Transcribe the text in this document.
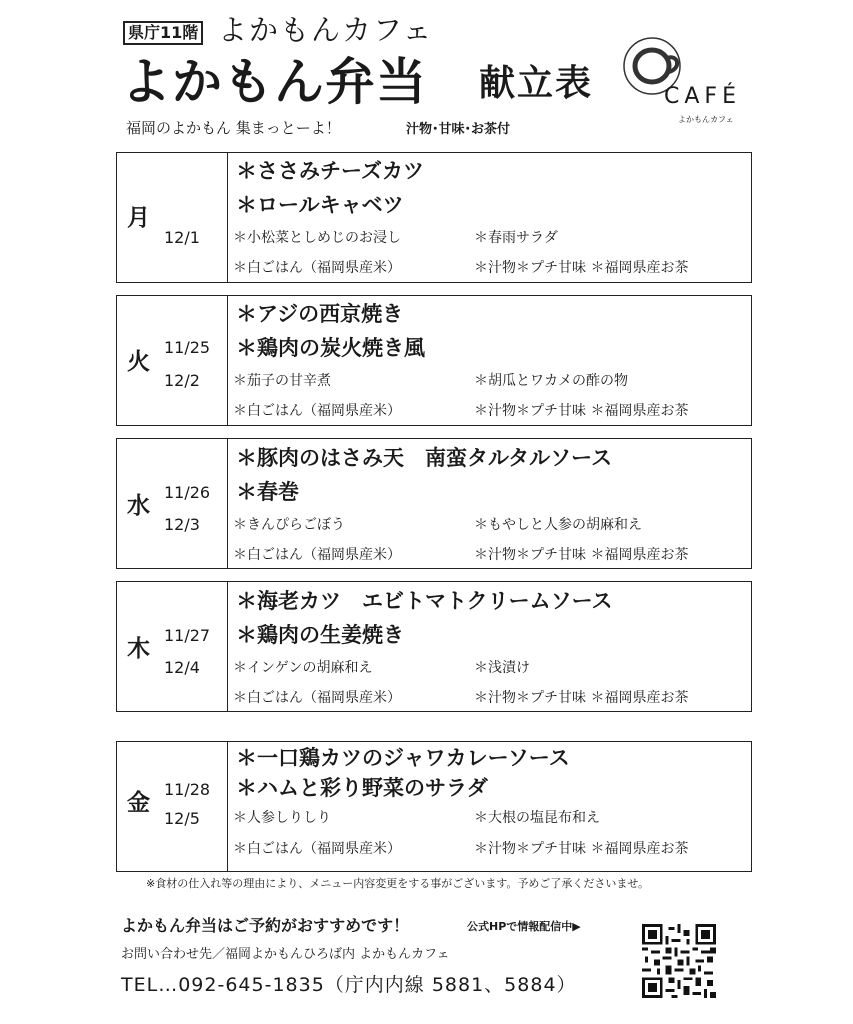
県庁11階 よかもんカフェ
よかもん弁当 献立表
福岡のよかもん 集まっとーよ！	汁物･甘味･お茶付
CAFÉ
よかもんカフェ
月
12/1
＊ささみチーズカツ
＊ロールキャベツ
＊小松菜としめじのお浸し
＊白ごはん（福岡県産米）
＊春雨サラダ
＊汁物＊プチ甘味 ＊福岡県産お茶
火
11/25
12/2
＊アジの西京焼き
＊鶏肉の炭火焼き風
＊茄子の甘辛煮
＊白ごはん（福岡県産米）
＊胡瓜とワカメの酢の物
＊汁物＊プチ甘味 ＊福岡県産お茶
水
11/26
12/3
＊豚肉のはさみ天　南蛮タルタルソース
＊春巻
＊きんぴらごぼう
＊白ごはん（福岡県産米）
＊もやしと人参の胡麻和え
＊汁物＊プチ甘味 ＊福岡県産お茶
木
11/27
12/4
＊海老カツ　エビトマトクリームソース
＊鶏肉の生姜焼き
＊インゲンの胡麻和え
＊白ごはん（福岡県産米）
＊浅漬け
＊汁物＊プチ甘味 ＊福岡県産お茶
金
11/28
12/5
＊一口鶏カツのジャワカレーソース
＊ハムと彩り野菜のサラダ
＊人参しりしり
＊白ごはん（福岡県産米）
＊大根の塩昆布和え
＊汁物＊プチ甘味 ＊福岡県産お茶
※食材の仕入れ等の理由により、メニュー内容変更をする事がございます。予めご了承くださいませ。
よかもん弁当はご予約がおすすめです！	公式HPで情報配信中▶
お問い合わせ先／福岡よかもんひろば内 よかもんカフェ
TEL…092-645-1835（庁内内線 5881、5884）
